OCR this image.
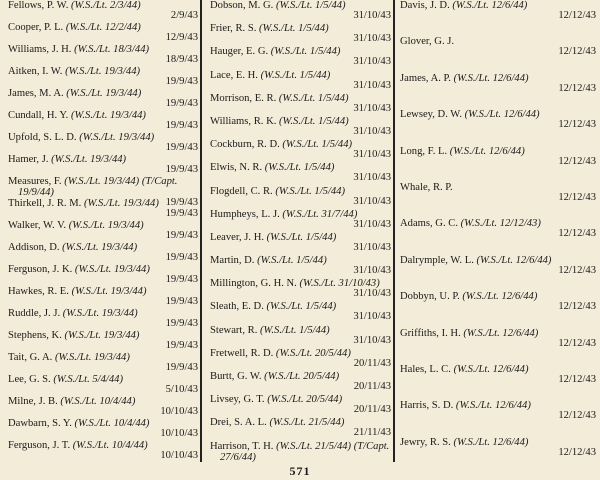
Fellows, P. W. (W.S./Lt. 2/3/44)
2/9/43
Cooper, P. L. (W.S./Lt. 12/2/44)
12/9/43
Williams, J. H. (W.S./Lt. 18/3/44)
18/9/43
Aitken, I. W. (W.S./Lt. 19/3/44)
19/9/43
James, M. A. (W.S./Lt. 19/3/44)
19/9/43
Cundall, H. Y. (W.S./Lt. 19/3/44)
19/9/43
Upfold, S. L. D. (W.S./Lt. 19/3/44)
19/9/43
Hamer, J. (W.S./Lt. 19/3/44)
19/9/43
Measures, F. (W.S./Lt. 19/3/44) (T/Capt. 19/9/44)
19/9/43
Thirkell, J. R. M. (W.S./Lt. 19/3/44)
19/9/43
Walker, W. V. (W.S./Lt. 19/3/44)
19/9/43
Addison, D. (W.S./Lt. 19/3/44)
19/9/43
Ferguson, J. K. (W.S./Lt. 19/3/44)
19/9/43
Hawkes, R. E. (W.S./Lt. 19/3/44)
19/9/43
Ruddle, J. J. (W.S./Lt. 19/3/44)
19/9/43
Stephens, K. (W.S./Lt. 19/3/44)
19/9/43
Tait, G. A. (W.S./Lt. 19/3/44)
19/9/43
Lee, G. S. (W.S./Lt. 5/4/44)
5/10/43
Milne, J. B. (W.S./Lt. 10/4/44)
10/10/43
Dawbarn, S. Y. (W.S./Lt. 10/4/44)
10/10/43
Ferguson, J. T. (W.S./Lt. 10/4/44)
10/10/43
Dobson, M. G. (W.S./Lt. 1/5/44)
31/10/43
Frier, R. S. (W.S./Lt. 1/5/44)
31/10/43
Hauger, E. G. (W.S./Lt. 1/5/44)
31/10/43
Lace, E. H. (W.S./Lt. 1/5/44)
31/10/43
Morrison, E. R. (W.S./Lt. 1/5/44)
31/10/43
Williams, R. K. (W.S./Lt. 1/5/44)
31/10/43
Cockburn, R. D. (W.S./Lt. 1/5/44)
31/10/43
Elwis, N. R. (W.S./Lt. 1/5/44)
31/10/43
Flogdell, C. R. (W.S./Lt. 1/5/44)
31/10/43
Humpheys, L. J. (W.S./Lt. 31/7/44)
31/10/43
Leaver, J. H. (W.S./Lt. 1/5/44)
31/10/43
Martin, D. (W.S./Lt. 1/5/44)
31/10/43
Millington, G. H. N. (W.S./Lt. 31/10/43)
31/10/43
Sleath, E. D. (W.S./Lt. 1/5/44)
31/10/43
Stewart, R. (W.S./Lt. 1/5/44)
31/10/43
Fretwell, R. D. (W.S./Lt. 20/5/44)
20/11/43
Burtt, G. W. (W.S./Lt. 20/5/44)
20/11/43
Livsey, G. T. (W.S./Lt. 20/5/44)
20/11/43
Drei, S. A. L. (W.S./Lt. 21/5/44)
21/11/43
Harrison, T. H. (W.S./Lt. 21/5/44) (T/Capt. 27/6/44)
Davis, J. D. (W.S./Lt. 12/6/44)
12/12/43
Glover, G. J.
12/12/43
James, A. P. (W.S./Lt. 12/6/44)
12/12/43
Lewsey, D. W. (W.S./Lt. 12/6/44)
12/12/43
Long, F. L. (W.S./Lt. 12/6/44)
12/12/43
Whale, R. P.
12/12/43
Adams, G. C. (W.S./Lt. 12/12/43)
12/12/43
Dalrymple, W. L. (W.S./Lt. 12/6/44)
12/12/43
Dobbyn, U. P. (W.S./Lt. 12/6/44)
12/12/43
Griffiths, I. H. (W.S./Lt. 12/6/44)
12/12/43
Hales, L. C. (W.S./Lt. 12/6/44)
12/12/43
Harris, S. D. (W.S./Lt. 12/6/44)
12/12/43
Jewry, R. S. (W.S./Lt. 12/6/44)
12/12/43
571
